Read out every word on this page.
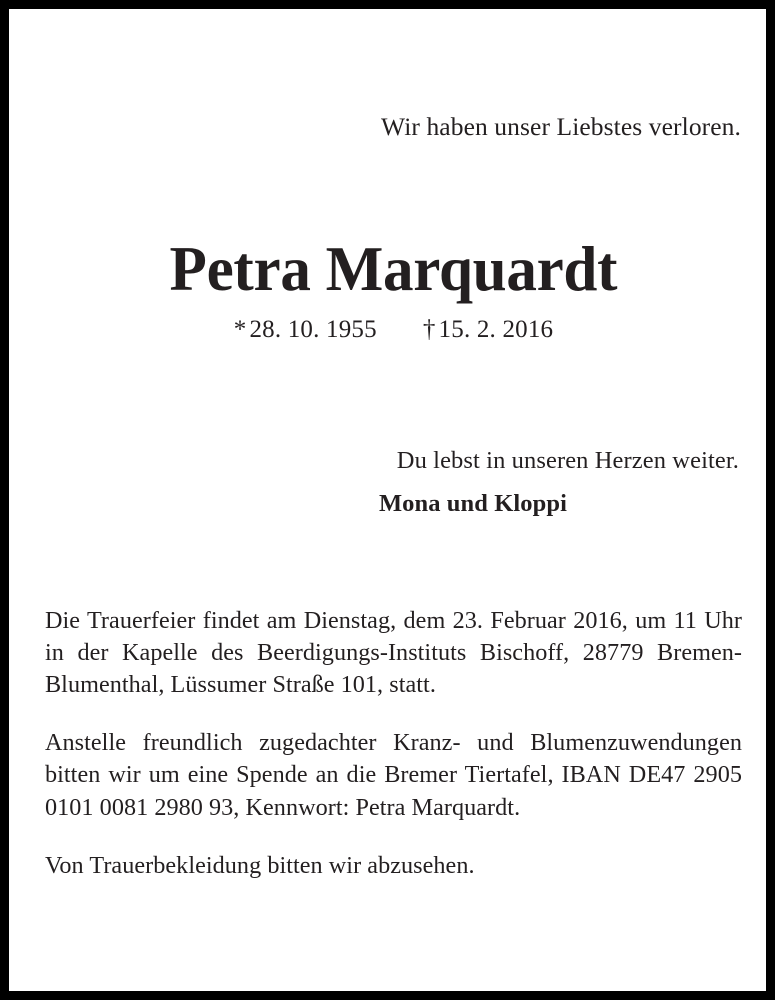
Wir haben unser Liebstes verloren.
Petra Marquardt
* 28. 10. 1955 † 15. 2. 2016
Du lebst in unseren Herzen weiter.
Mona und Kloppi

Die Trauerfeier findet am Dienstag, dem 23. Februar 2016, um 11 Uhr in der Kapelle des Beerdigungs-Instituts Bischoff, 28779 Bremen-Blumenthal, Lüssumer Straße 101, statt.

Anstelle freundlich zugedachter Kranz- und Blumenzuwendungen bitten wir um eine Spende an die Bremer Tiertafel, IBAN DE47 2905 0101 0081 2980 93, Kennwort: Petra Marquardt.

Von Trauerbekleidung bitten wir abzusehen.
